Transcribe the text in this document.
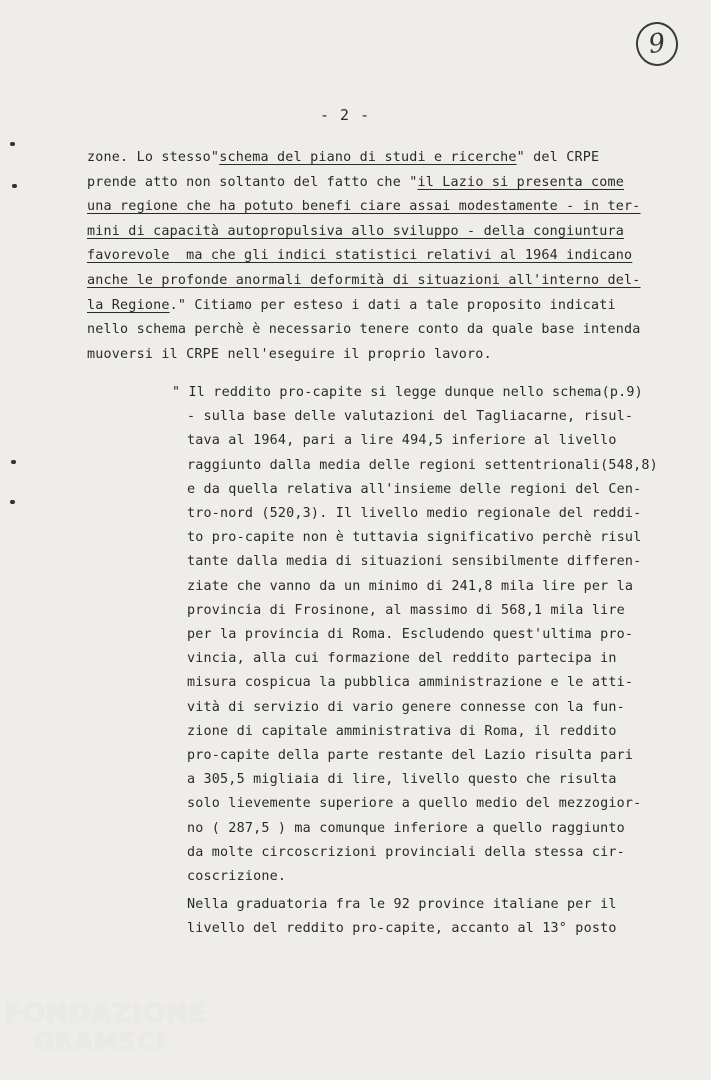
9
- 2 -
zone. Lo stesso"schema del piano di studi e ricerche" del CRPE
prende atto non soltanto del fatto che "il Lazio si presenta come
una regione che ha potuto benefi ciare assai modestamente - in ter-
mini di capacità autopropulsiva allo sviluppo - della congiuntura
favorevole  ma che gli indici statistici relativi al 1964 indicano
anche le profonde anormali deformità di situazioni all'interno del-
la Regione." Citiamo per esteso i dati a tale proposito indicati
nello schema perchè è necessario tenere conto da quale base intenda
muoversi il CRPE nell'eseguire il proprio lavoro.
" Il reddito pro-capite si legge dunque nello schema(p.9)
- sulla base delle valutazioni del Tagliacarne, risul-
tava al 1964, pari a lire 494,5 inferiore al livello
raggiunto dalla media delle regioni settentrionali(548,8)
e da quella relativa all'insieme delle regioni del Cen-
tro-nord (520,3). Il livello medio regionale del reddi-
to pro-capite non è tuttavia significativo perchè risul
tante dalla media di situazioni sensibilmente differen-
ziate che vanno da un minimo di 241,8 mila lire per la
provincia di Frosinone, al massimo di 568,1 mila lire
per la provincia di Roma. Escludendo quest'ultima pro-
vincia, alla cui formazione del reddito partecipa in
misura cospicua la pubblica amministrazione e le atti-
vità di servizio di vario genere connesse con la fun-
zione di capitale amministrativa di Roma, il reddito
pro-capite della parte restante del Lazio risulta pari
a 305,5 migliaia di lire, livello questo che risulta
solo lievemente superiore a quello medio del mezzogior-
no ( 287,5 ) ma comunque inferiore a quello raggiunto
da molte circoscrizioni provinciali della stessa cir-
coscrizione.
Nella graduatoria fra le 92 province italiane per il
livello del reddito pro-capite, accanto al 13° posto
FONDAZIONE
GRAMSCI
